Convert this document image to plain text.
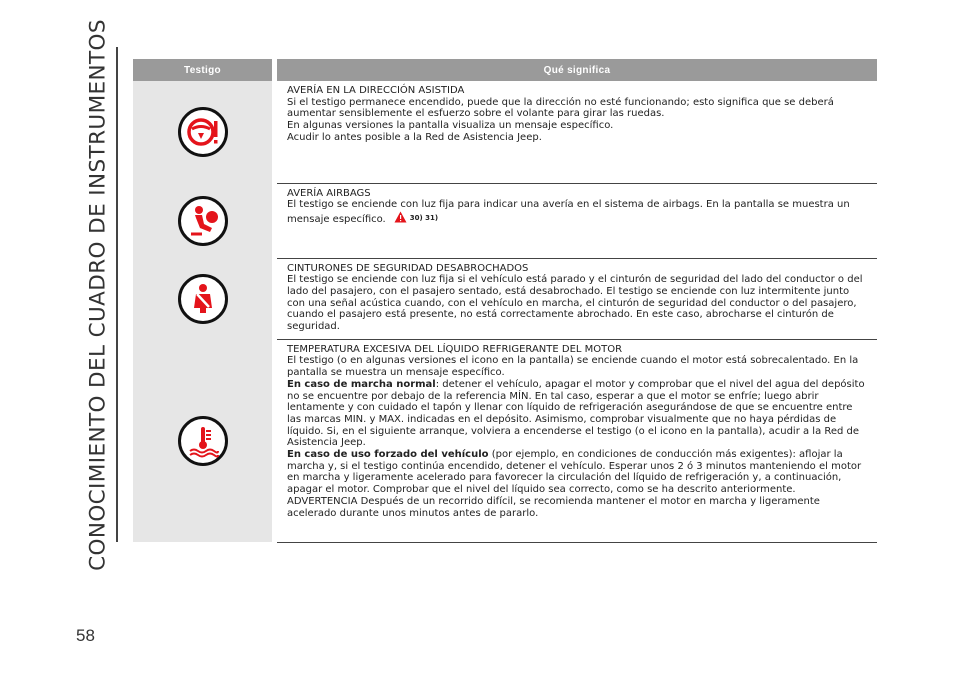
CONOCIMIENTO DEL CUADRO DE INSTRUMENTOS
58
Testigo		Qué significa

AVERÍA EN LA DIRECCIÓN ASISTIDA

Si el testigo permanece encendido, puede que la dirección no esté funcionando; esto significa que se deberá aumentar sensiblemente el esfuerzo sobre el volante para girar las ruedas.

En algunas versiones la pantalla visualiza un mensaje específico.

Acudir lo antes posible a la Red de Asistencia Jeep.

AVERÍA AIRBAGS

El testigo se enciende con luz fija para indicar una avería en el sistema de airbags. En la pantalla se muestra un mensaje específico. 30) 31)

CINTURONES DE SEGURIDAD DESABROCHADOS

El testigo se enciende con luz fija si el vehículo está parado y el cinturón de seguridad del lado del conductor o del lado del pasajero, con el pasajero sentado, está desabrochado. El testigo se enciende con luz intermitente junto con una señal acústica cuando, con el vehículo en marcha, el cinturón de seguridad del conductor o del pasajero, cuando el pasajero está presente, no está correctamente abrochado. En este caso, abrocharse el cinturón de seguridad.

TEMPERATURA EXCESIVA DEL LÍQUIDO REFRIGERANTE DEL MOTOR

El testigo (o en algunas versiones el icono en la pantalla) se enciende cuando el motor está sobrecalentado. En la pantalla se muestra un mensaje específico.

En caso de marcha normal: detener el vehículo, apagar el motor y comprobar que el nivel del agua del depósito no se encuentre por debajo de la referencia MÍN. En tal caso, esperar a que el motor se enfríe; luego abrir lentamente y con cuidado el tapón y llenar con líquido de refrigeración asegurándose de que se encuentre entre las marcas MIN. y MAX. indicadas en el depósito. Asimismo, comprobar visualmente que no haya pérdidas de líquido. Si, en el siguiente arranque, volviera a encenderse el testigo (o el icono en la pantalla), acudir a la Red de Asistencia Jeep.

En caso de uso forzado del vehículo (por ejemplo, en condiciones de conducción más exigentes): aflojar la marcha y, si el testigo continúa encendido, detener el vehículo. Esperar unos 2 ó 3 minutos manteniendo el motor en marcha y ligeramente acelerado para favorecer la circulación del líquido de refrigeración y, a continuación, apagar el motor. Comprobar que el nivel del líquido sea correcto, como se ha descrito anteriormente.

ADVERTENCIA Después de un recorrido difícil, se recomienda mantener el motor en marcha y ligeramente acelerado durante unos minutos antes de pararlo.
